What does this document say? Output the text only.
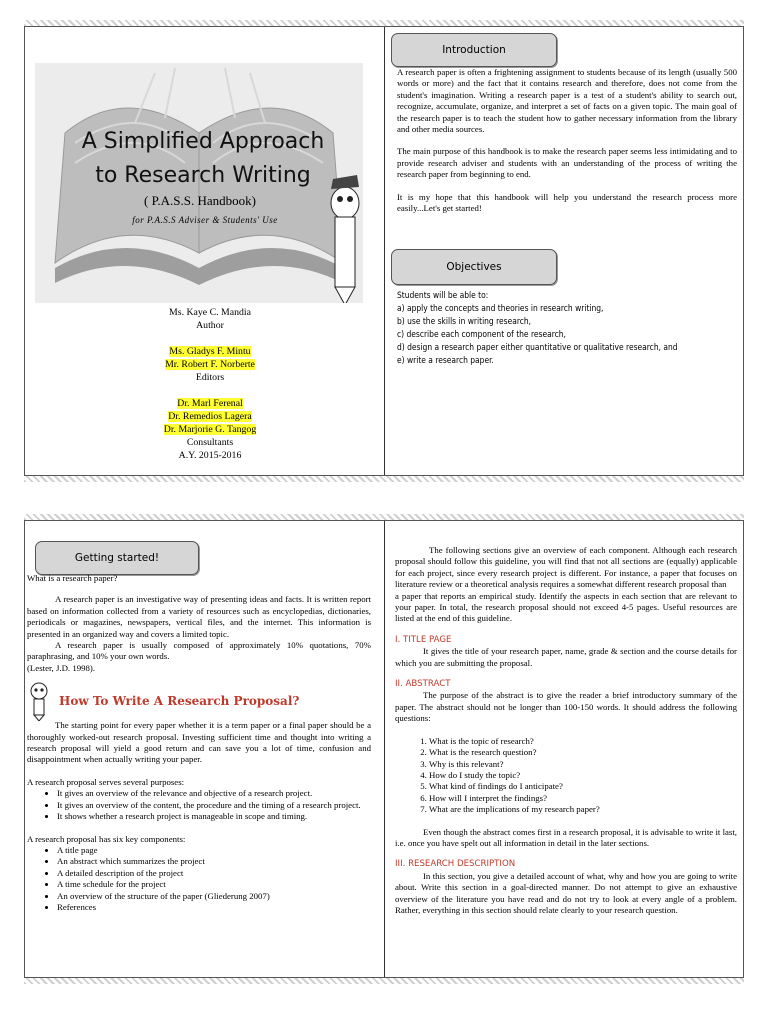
A Simplified Approach
to Research Writing
( P.A.S.S. Handbook)
for P.A.S.S Adviser & Students' Use
Ms. Kaye C. Mandia
Author
Ms. Gladys F. Mintu
Mr. Robert F. Norberte
Editors
Dr. Marl Ferenal
Dr. Remedios Lagera
Dr. Marjorie G. Tangog
Consultants
A.Y. 2015-2016
Introduction

A research paper is often a frightening assignment to students because of its length (usually 500 words or more) and the fact that it contains research and therefore, does not come from the student's imagination. Writing a research paper is a test of a student's ability to search out, recognize, accumulate, organize, and interpret a set of facts on a given topic. The main goal of the research paper is to teach the student how to gather necessary information from the library and other media sources.

The main purpose of this handbook is to make the research paper seems less intimidating and to provide research adviser and students with an understanding of the process of writing the research paper from beginning to end.

It is my hope that this handbook will help you understand the research process more easily...Let's get started!

Objectives
Students will be able to:
a) apply the concepts and theories in research writing,
b) use the skills in writing research,
c) describe each component of the research,
d) design a research paper either quantitative or qualitative research, and
e) write a research paper.
Getting started!

What is a research paper?

A research paper is an investigative way of presenting ideas and facts. It is written report based on information collected from a variety of resources such as encyclopedias, dictionaries, periodicals or magazines, newspapers, vertical files, and the internet. This information is presented in an organized way and covers a limited topic.

A research paper is usually composed of approximately 10% quotations, 70% paraphrasing, and 10% your own words.

(Lester, J.D. 1998).

How To Write A Research Proposal?

The starting point for every paper whether it is a term paper or a final paper should be a thoroughly worked-out research proposal. Investing sufficient time and thought into writing a research proposal will yield a good return and can save you a lot of time, confusion and disappointment when actually writing your paper.

A research proposal serves several purposes:

• It gives an overview of the relevance and objective of a research project.
• It gives an overview of the content, the procedure and the timing of a research project.
• It shows whether a research project is manageable in scope and timing.

A research proposal has six key components:

• A title page
• An abstract which summarizes the project
• A detailed description of the project
• A time schedule for the project
• An overview of the structure of the paper (Gliederung 2007)
• References

The following sections give an overview of each component. Although each research proposal should follow this guideline, you will find that not all sections are (equally) applicable for each project, since every research project is different. For instance, a paper that focuses on literature review or a theoretical analysis requires a somewhat different research proposal than

a paper that reports an empirical study. Identify the aspects in each section that are relevant to your paper. In total, the research proposal should not exceed 4-5 pages. Useful resources are listed at the end of this guideline.

I. TITLE PAGE

It gives the title of your research paper, name, grade & section and the course details for which you are submitting the proposal.

II. ABSTRACT

The purpose of the abstract is to give the reader a brief introductory summary of the paper. The abstract should not be longer than 100-150 words. It should address the following questions:

1. What is the topic of research?
2. What is the research question?
3. Why is this relevant?
4. How do I study the topic?
5. What kind of findings do I anticipate?
6. How will I interpret the findings?
7. What are the implications of my research paper?

Even though the abstract comes first in a research proposal, it is advisable to write it last, i.e. once you have spelt out all information in detail in the later sections.

III. RESEARCH DESCRIPTION

In this section, you give a detailed account of what, why and how you are going to write about. Write this section in a goal-directed manner. Do not attempt to give an exhaustive overview of the literature you have read and do not try to look at every angle of a problem. Rather, everything in this section should relate clearly to your research question.
